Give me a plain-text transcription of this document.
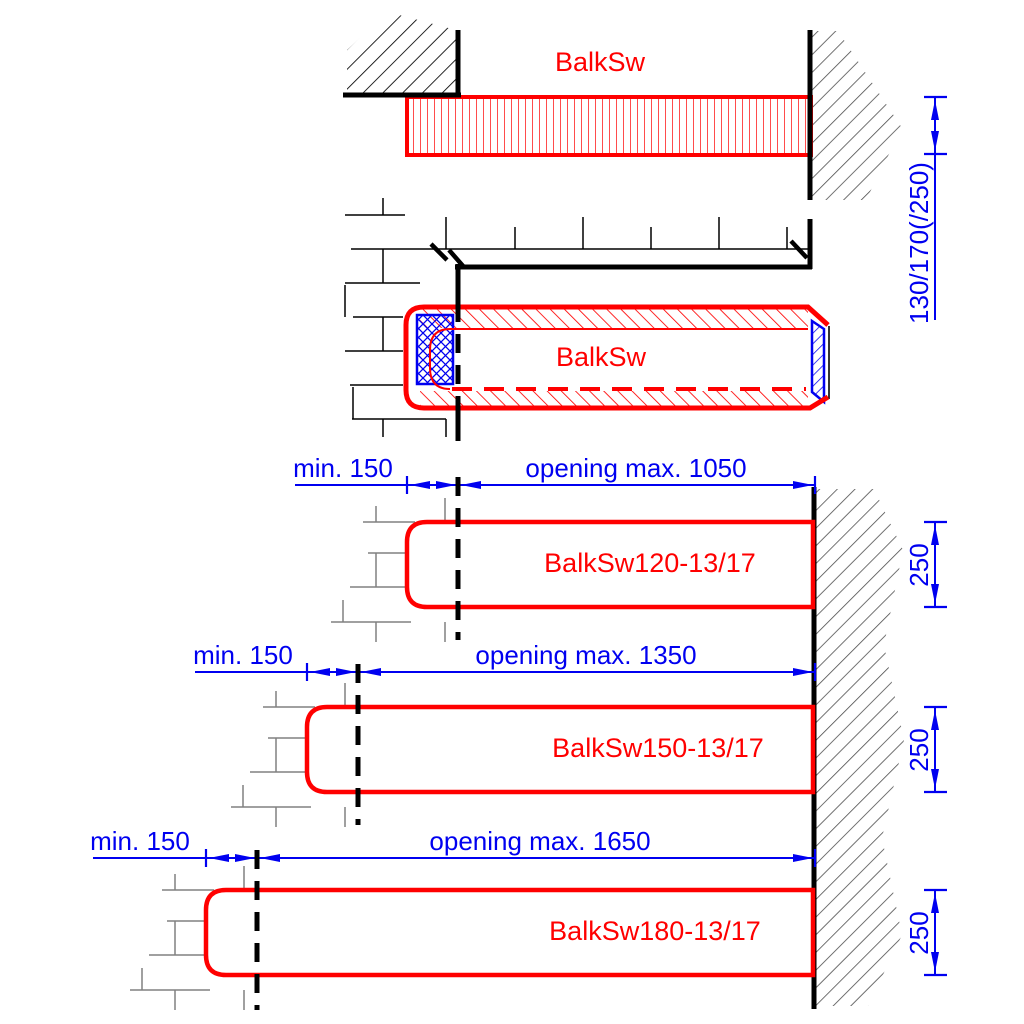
BalkSw
130/170(/250)
BalkSw
min. 150	opening max. 1050
BalkSw120-13/17	250
min. 150	opening max. 1350
BalkSw150-13/17	250
min. 150	opening max. 1650
BalkSw180-13/17	250
